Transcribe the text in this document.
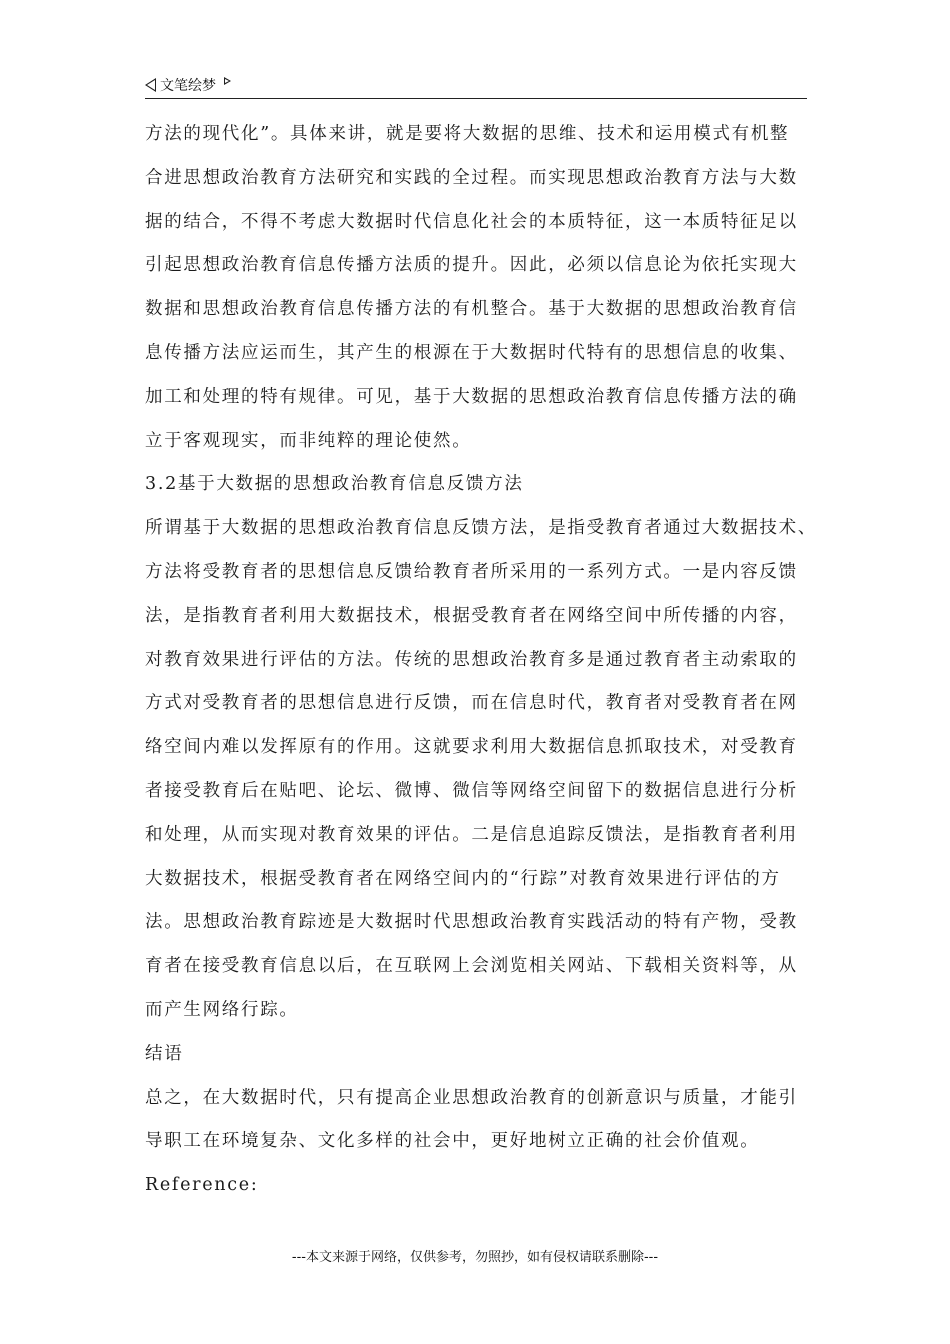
文笔绘梦

方法的现代化”。具体来讲，就是要将大数据的思维、技术和运用模式有机整

合进思想政治教育方法研究和实践的全过程。而实现思想政治教育方法与大数

据的结合，不得不考虑大数据时代信息化社会的本质特征，这一本质特征足以

引起思想政治教育信息传播方法质的提升。因此，必须以信息论为依托实现大

数据和思想政治教育信息传播方法的有机整合。基于大数据的思想政治教育信

息传播方法应运而生，其产生的根源在于大数据时代特有的思想信息的收集、

加工和处理的特有规律。可见，基于大数据的思想政治教育信息传播方法的确

立于客观现实，而非纯粹的理论使然。

3.2基于大数据的思想政治教育信息反馈方法

所谓基于大数据的思想政治教育信息反馈方法，是指受教育者通过大数据技术、

方法将受教育者的思想信息反馈给教育者所采用的一系列方式。一是内容反馈

法，是指教育者利用大数据技术，根据受教育者在网络空间中所传播的内容，

对教育效果进行评估的方法。传统的思想政治教育多是通过教育者主动索取的

方式对受教育者的思想信息进行反馈，而在信息时代，教育者对受教育者在网

络空间内难以发挥原有的作用。这就要求利用大数据信息抓取技术，对受教育

者接受教育后在贴吧、论坛、微博、微信等网络空间留下的数据信息进行分析

和处理，从而实现对教育效果的评估。二是信息追踪反馈法，是指教育者利用

大数据技术，根据受教育者在网络空间内的“行踪”对教育效果进行评估的方

法。思想政治教育踪迹是大数据时代思想政治教育实践活动的特有产物，受教

育者在接受教育信息以后，在互联网上会浏览相关网站、下载相关资料等，从

而产生网络行踪。

结语

总之，在大数据时代，只有提高企业思想政治教育的创新意识与质量，才能引

导职工在环境复杂、文化多样的社会中，更好地树立正确的社会价值观。

Reference:

---本文来源于网络，仅供参考，勿照抄，如有侵权请联系删除---
